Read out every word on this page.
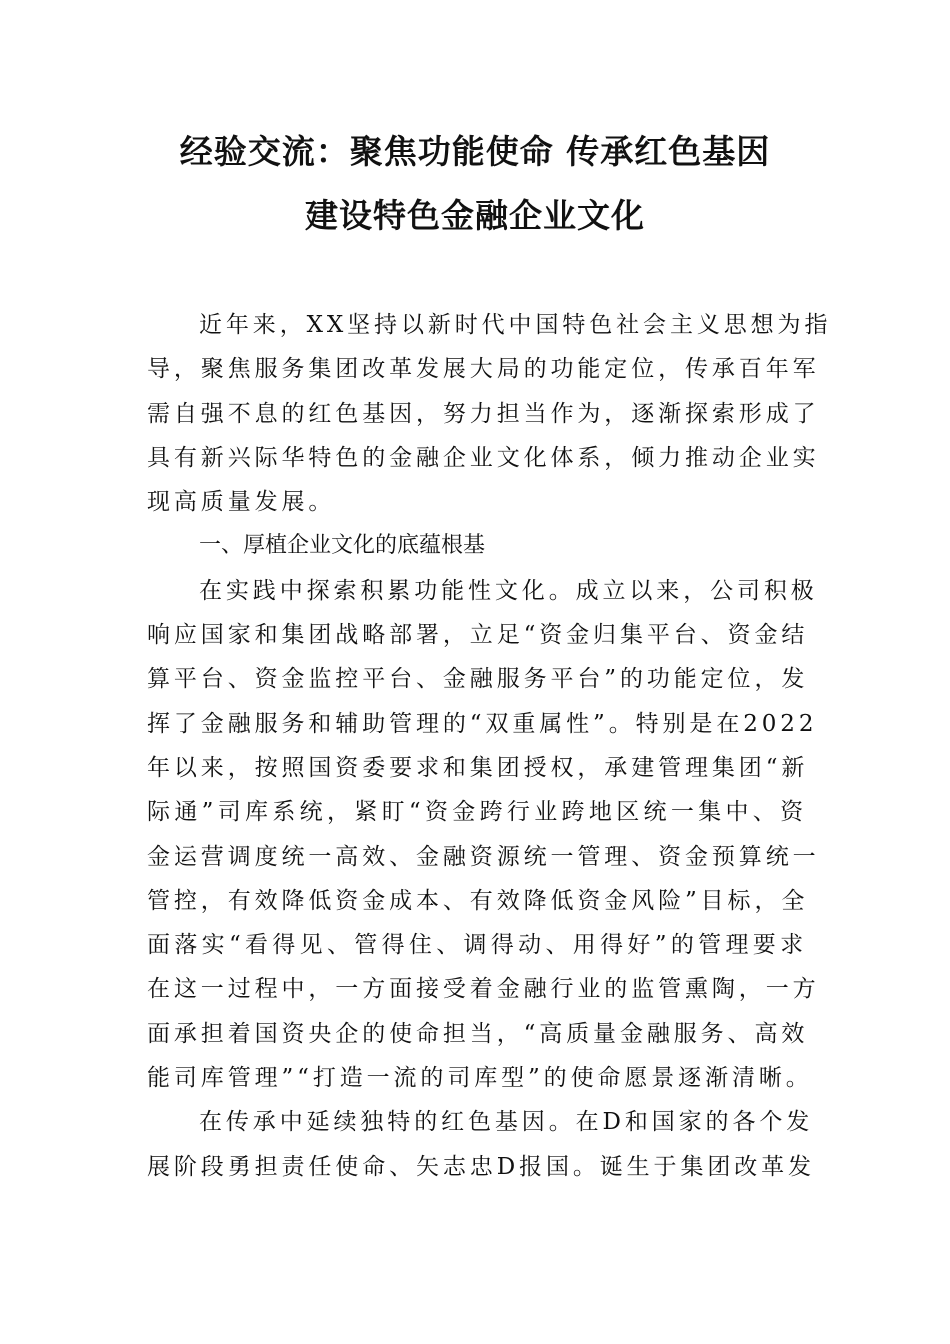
经验交流：聚焦功能使命 传承红色基因
建设特色金融企业文化
近年来，XX坚持以新时代中国特色社会主义思想为指
导，聚焦服务集团改革发展大局的功能定位，传承百年军
需自强不息的红色基因，努力担当作为，逐渐探索形成了
具有新兴际华特色的金融企业文化体系，倾力推动企业实
现高质量发展。
一、厚植企业文化的底蕴根基
在实践中探索积累功能性文化。成立以来，公司积极
响应国家和集团战略部署，立足“资金归集平台、资金结
算平台、资金监控平台、金融服务平台”的功能定位，发
挥了金融服务和辅助管理的“双重属性”。特别是在2022
年以来，按照国资委要求和集团授权，承建管理集团“新
际通”司库系统，紧盯“资金跨行业跨地区统一集中、资
金运营调度统一高效、金融资源统一管理、资金预算统一
管控，有效降低资金成本、有效降低资金风险”目标，全
面落实“看得见、管得住、调得动、用得好”的管理要求
在这一过程中，一方面接受着金融行业的监管熏陶，一方
面承担着国资央企的使命担当，“高质量金融服务、高效
能司库管理”“打造一流的司库型”的使命愿景逐渐清晰。
在传承中延续独特的红色基因。在D和国家的各个发
展阶段勇担责任使命、矢志忠D报国。诞生于集团改革发
